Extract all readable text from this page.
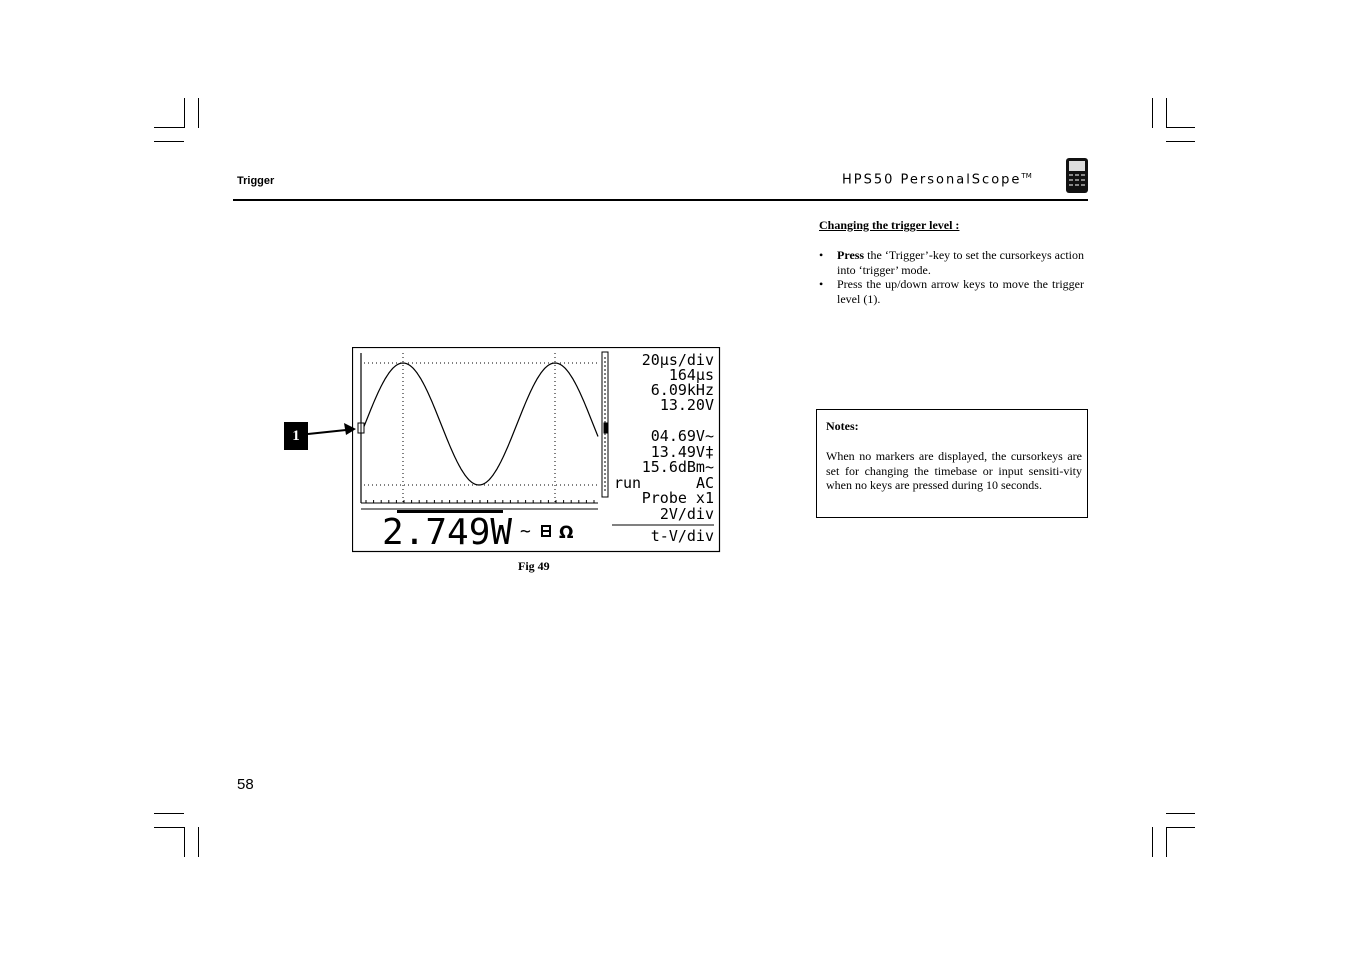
Trigger	HPS50 PersonalScope™
Changing the trigger level :
• Press the ‘Trigger’-key to set the cursorkeys action into ‘trigger’ mode.
• Press the up/down arrow keys to move the trigger level (1).
Notes:
When no markers are displayed, the cursorkeys are set for changing the timebase or input sensiti-vity when no keys are pressed during 10 seconds.
20µs/div
164µs
6.09kHz
13.20V
04.69V~
13.49V‡
15.6dBm~
AC
Probe x1
2V/div
t-V/div
run
2.749W ~ Ω
Fig 49
1
58
